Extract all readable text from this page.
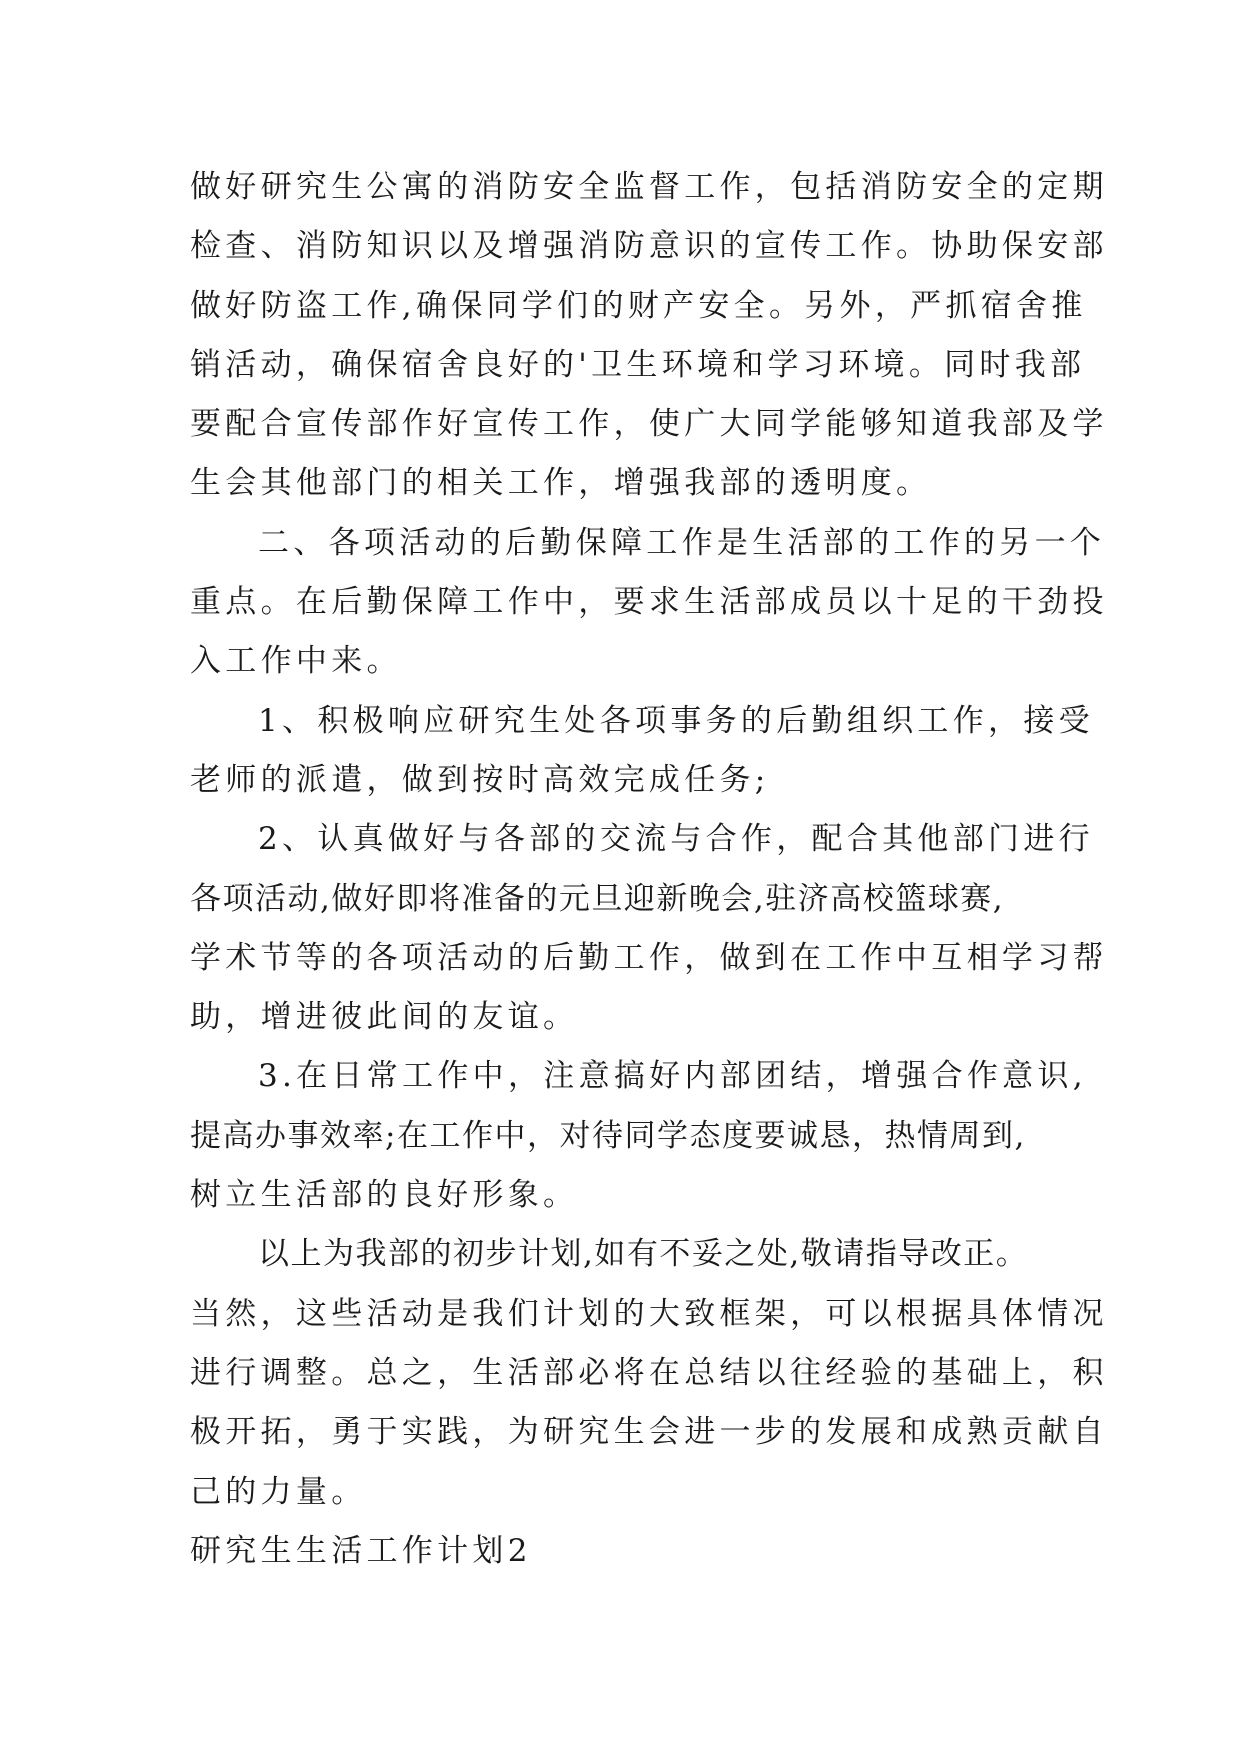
做好研究生公寓的消防安全监督工作，包括消防安全的定期
检查、消防知识以及增强消防意识的宣传工作。协助保安部
做好防盗工作,确保同学们的财产安全。另外，严抓宿舍推
销活动，确保宿舍良好的'卫生环境和学习环境。同时我部
要配合宣传部作好宣传工作，使广大同学能够知道我部及学
生会其他部门的相关工作，增强我部的透明度。
二、各项活动的后勤保障工作是生活部的工作的另一个
重点。在后勤保障工作中，要求生活部成员以十足的干劲投
入工作中来。
1、积极响应研究生处各项事务的后勤组织工作，接受
老师的派遣，做到按时高效完成任务;
2、认真做好与各部的交流与合作，配合其他部门进行
各项活动,做好即将准备的元旦迎新晚会,驻济高校篮球赛,
学术节等的各项活动的后勤工作，做到在工作中互相学习帮
助，增进彼此间的友谊。
3.在日常工作中，注意搞好内部团结，增强合作意识,
提高办事效率;在工作中，对待同学态度要诚恳，热情周到,
树立生活部的良好形象。
以上为我部的初步计划,如有不妥之处,敬请指导改正。
当然，这些活动是我们计划的大致框架，可以根据具体情况
进行调整。总之，生活部必将在总结以往经验的基础上，积
极开拓，勇于实践，为研究生会进一步的发展和成熟贡献自
己的力量。
研究生生活工作计划2
